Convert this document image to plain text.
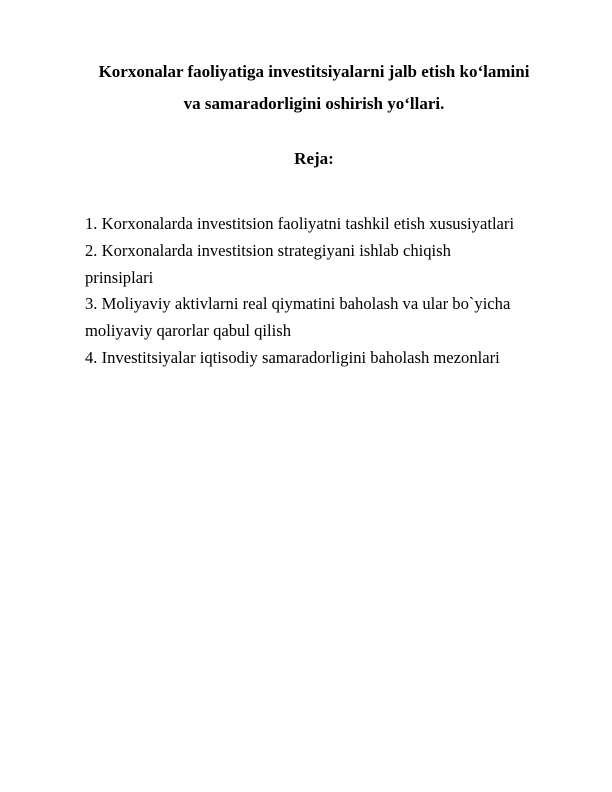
Korxonalar faoliyatiga investitsiyalarni jalb etish ko‘lamini
va samaradorligini oshirish yo‘llari.
Reja:
1. Korxonalarda investitsion faoliyatni tashkil etish xususiyatlari
2. Korxonalarda investitsion strategiyani ishlab chiqish
prinsiplari
3. Moliyaviy aktivlarni real qiymatini baholash va ular bo`yicha
moliyaviy qarorlar qabul qilish
4. Investitsiyalar iqtisodiy samaradorligini baholash mezonlari
